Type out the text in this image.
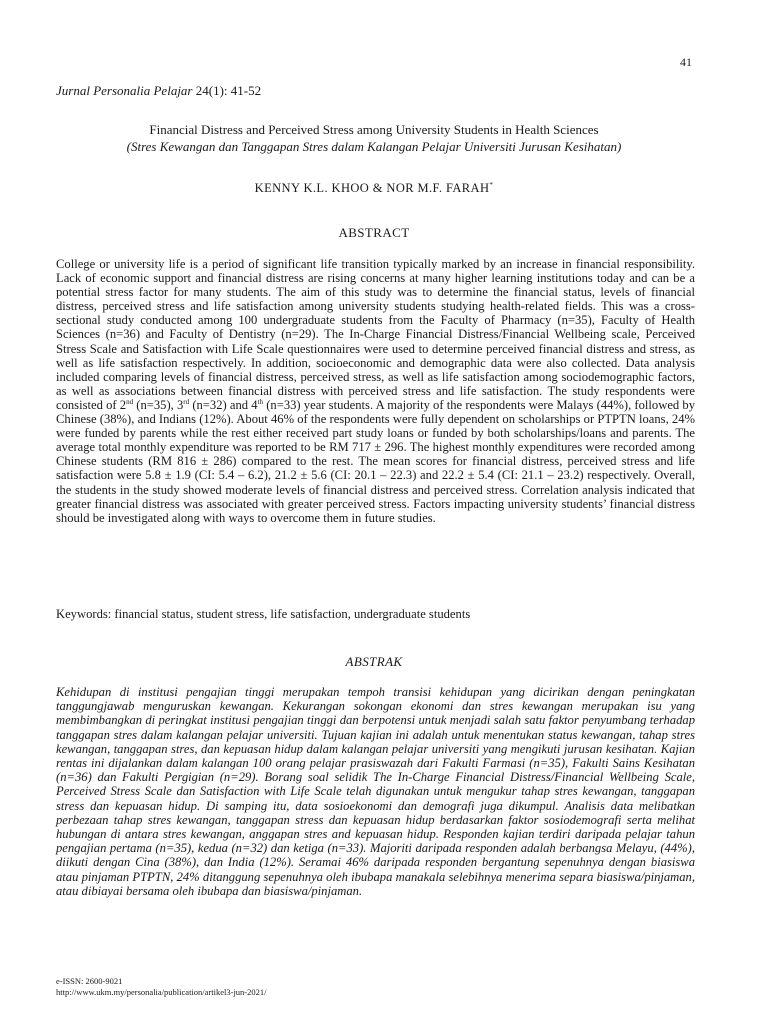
41
Jurnal Personalia Pelajar 24(1): 41-52
Financial Distress and Perceived Stress among University Students in Health Sciences
(Stres Kewangan dan Tanggapan Stres dalam Kalangan Pelajar Universiti Jurusan Kesihatan)
KENNY K.L. KHOO & NOR M.F. FARAH*
ABSTRACT
College or university life is a period of significant life transition typically marked by an increase in financial responsibility. Lack of economic support and financial distress are rising concerns at many higher learning institutions today and can be a potential stress factor for many students. The aim of this study was to determine the financial status, levels of financial distress, perceived stress and life satisfaction among university students studying health-related fields. This was a cross-sectional study conducted among 100 undergraduate students from the Faculty of Pharmacy (n=35), Faculty of Health Sciences (n=36) and Faculty of Dentistry (n=29). The In-Charge Financial Distress/Financial Wellbeing scale, Perceived Stress Scale and Satisfaction with Life Scale questionnaires were used to determine perceived financial distress and stress, as well as life satisfaction respectively. In addition, socioeconomic and demographic data were also collected. Data analysis included comparing levels of financial distress, perceived stress, as well as life satisfaction among sociodemographic factors, as well as associations between financial distress with perceived stress and life satisfaction. The study respondents were consisted of 2nd (n=35), 3rd (n=32) and 4th (n=33) year students. A majority of the respondents were Malays (44%), followed by Chinese (38%), and Indians (12%). About 46% of the respondents were fully dependent on scholarships or PTPTN loans, 24% were funded by parents while the rest either received part study loans or funded by both scholarships/loans and parents. The average total monthly expenditure was reported to be RM 717 ± 296. The highest monthly expenditures were recorded among Chinese students (RM 816 ± 286) compared to the rest. The mean scores for financial distress, perceived stress and life satisfaction were 5.8 ± 1.9 (CI: 5.4 – 6.2), 21.2 ± 5.6 (CI: 20.1 – 22.3) and 22.2 ± 5.4 (CI: 21.1 – 23.2) respectively. Overall, the students in the study showed moderate levels of financial distress and perceived stress. Correlation analysis indicated that greater financial distress was associated with greater perceived stress. Factors impacting university students’ financial distress should be investigated along with ways to overcome them in future studies.
Keywords: financial status, student stress, life satisfaction, undergraduate students
ABSTRAK
Kehidupan di institusi pengajian tinggi merupakan tempoh transisi kehidupan yang dicirikan dengan peningkatan tanggungjawab menguruskan kewangan. Kekurangan sokongan ekonomi dan stres kewangan merupakan isu yang membimbangkan di peringkat institusi pengajian tinggi dan berpotensi untuk menjadi salah satu faktor penyumbang terhadap tanggapan stres dalam kalangan pelajar universiti. Tujuan kajian ini adalah untuk menentukan status kewangan, tahap stres kewangan, tanggapan stres, dan kepuasan hidup dalam kalangan pelajar universiti yang mengikuti jurusan kesihatan. Kajian rentas ini dijalankan dalam kalangan 100 orang pelajar prasiswazah dari Fakulti Farmasi (n=35), Fakulti Sains Kesihatan (n=36) dan Fakulti Pergigian (n=29). Borang soal selidik The In-Charge Financial Distress/Financial Wellbeing Scale, Perceived Stress Scale dan Satisfaction with Life Scale telah digunakan untuk mengukur tahap stres kewangan, tanggapan stress dan kepuasan hidup. Di samping itu, data sosioekonomi dan demografi juga dikumpul. Analisis data melibatkan perbezaan tahap stres kewangan, tanggapan stress dan kepuasan hidup berdasarkan faktor sosiodemografi serta melihat hubungan di antara stres kewangan, anggapan stres and kepuasan hidup. Responden kajian terdiri daripada pelajar tahun pengajian pertama (n=35), kedua (n=32) dan ketiga (n=33). Majoriti daripada responden adalah berbangsa Melayu, (44%), diikuti dengan Cina (38%), dan India (12%). Seramai 46% daripada responden bergantung sepenuhnya dengan biasiswa atau pinjaman PTPTN, 24% ditanggung sepenuhnya oleh ibubapa manakala selebihnya menerima separa biasiswa/pinjaman, atau dibiayai bersama oleh ibubapa dan biasiswa/pinjaman.
e-ISSN: 2600-9021
http://www.ukm.my/personalia/publication/artikel3-jun-2021/
